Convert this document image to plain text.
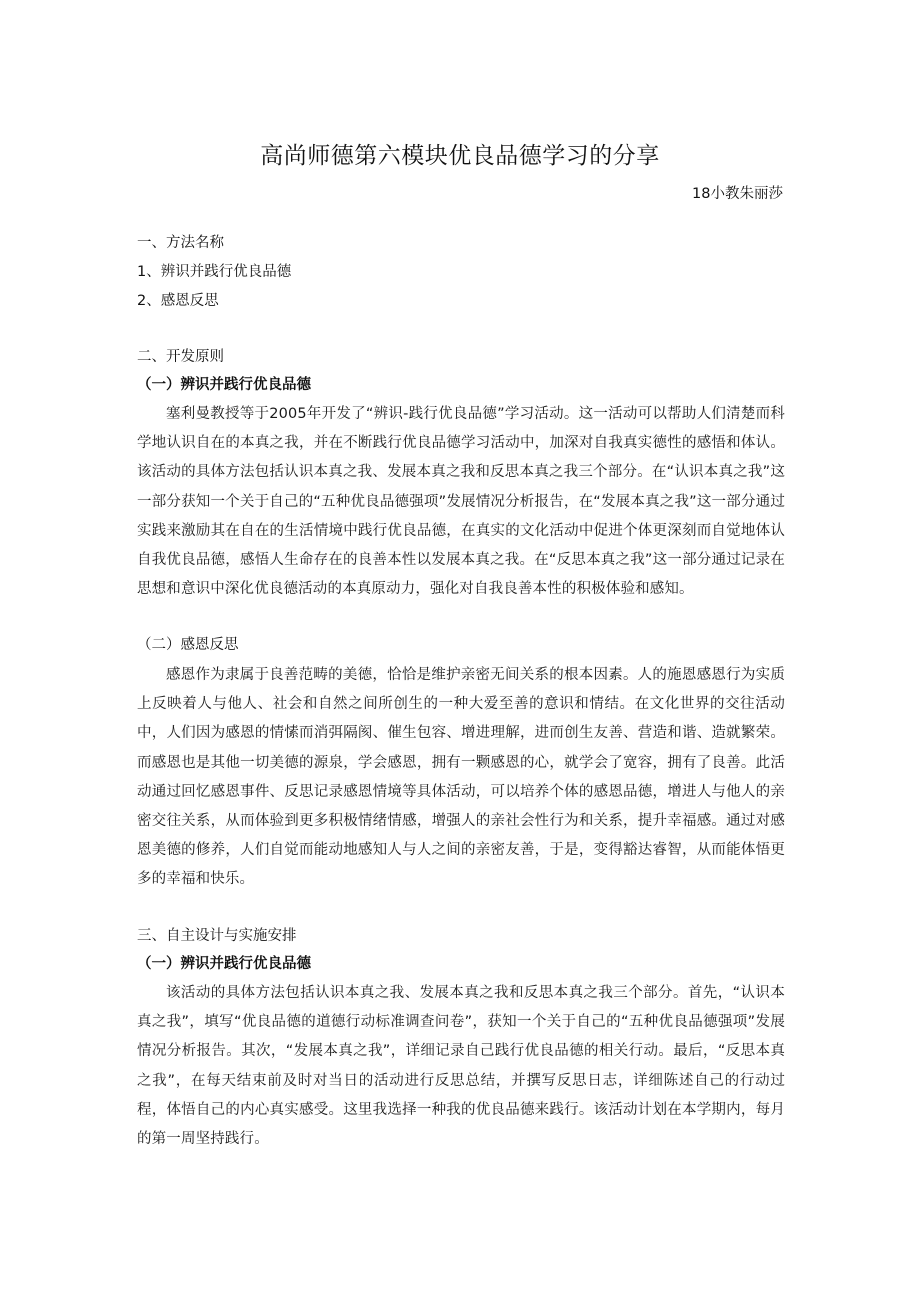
高尚师德第六模块优良品德学习的分享
18小教朱丽莎
一、方法名称
1、辨识并践行优良品德
2、感恩反思
二、开发原则
（一）辨识并践行优良品德

塞利曼教授等于2005年开发了“辨识-践行优良品德”学习活动。这一活动可以帮助人们清楚而科学地认识自在的本真之我，并在不断践行优良品德学习活动中，加深对自我真实德性的感悟和体认。该活动的具体方法包括认识本真之我、发展本真之我和反思本真之我三个部分。在“认识本真之我”这一部分获知一个关于自己的“五种优良品德强项”发展情况分析报告，在“发展本真之我”这一部分通过实践来激励其在自在的生活情境中践行优良品德，在真实的文化活动中促进个体更深刻而自觉地体认自我优良品德，感悟人生命存在的良善本性以发展本真之我。在“反思本真之我”这一部分通过记录在思想和意识中深化优良德活动的本真原动力，强化对自我良善本性的积极体验和感知。

（二）感恩反思

感恩作为隶属于良善范畴的美德，恰恰是维护亲密无间关系的根本因素。人的施恩感恩行为实质上反映着人与他人、社会和自然之间所创生的一种大爱至善的意识和情结。在文化世界的交往活动中，人们因为感恩的情愫而消弭隔阂、催生包容、增进理解，进而创生友善、营造和谐、造就繁荣。而感恩也是其他一切美德的源泉，学会感恩，拥有一颗感恩的心，就学会了宽容，拥有了良善。此活动通过回忆感恩事件、反思记录感恩情境等具体活动，可以培养个体的感恩品德，增进人与他人的亲密交往关系，从而体验到更多积极情绪情感，增强人的亲社会性行为和关系，提升幸福感。通过对感恩美德的修养，人们自觉而能动地感知人与人之间的亲密友善，于是，变得豁达睿智，从而能体悟更多的幸福和快乐。

三、自主设计与实施安排
（一）辨识并践行优良品德

该活动的具体方法包括认识本真之我、发展本真之我和反思本真之我三个部分。首先，“认识本真之我”，填写“优良品德的道德行动标准调查问卷”，获知一个关于自己的“五种优良品德强项”发展情况分析报告。其次，“发展本真之我”，详细记录自己践行优良品德的相关行动。最后，“反思本真之我”，在每天结束前及时对当日的活动进行反思总结，并撰写反思日志，详细陈述自己的行动过程，体悟自己的内心真实感受。这里我选择一种我的优良品德来践行。该活动计划在本学期内，每月的第一周坚持践行。
